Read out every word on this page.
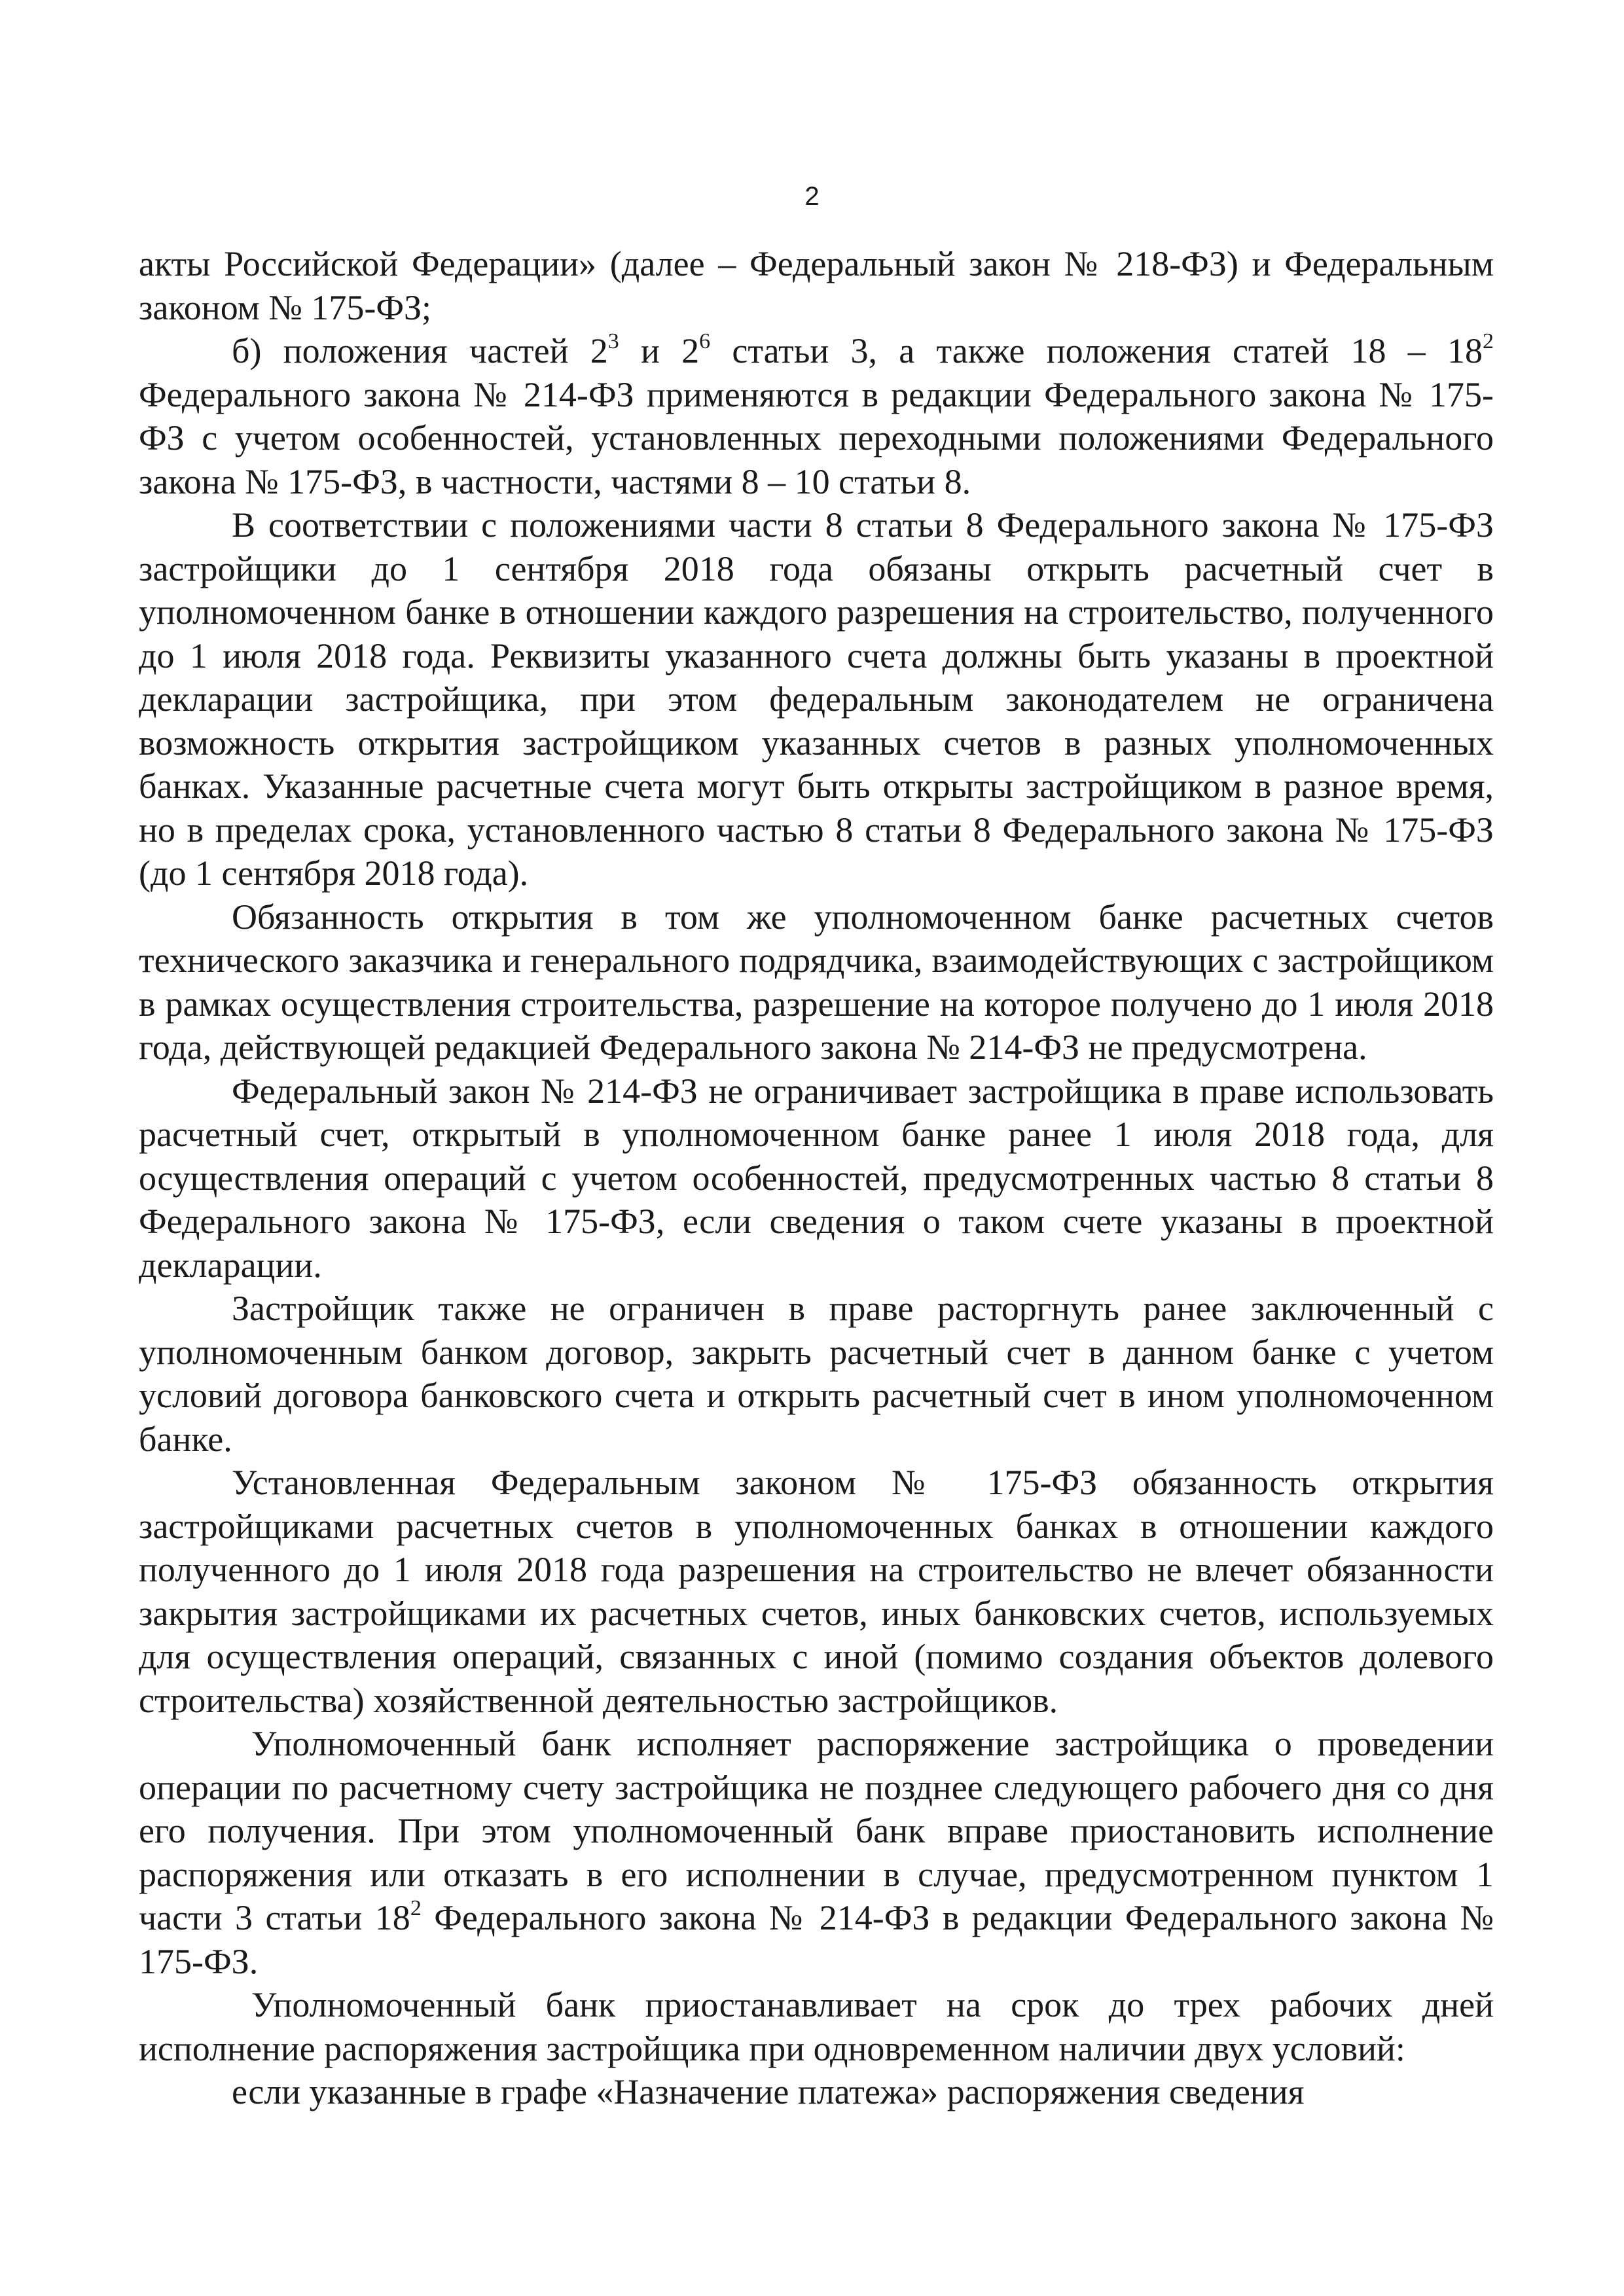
2

акты Российской Федерации» (далее – Федеральный закон № 218-ФЗ) и Федеральным законом № 175-ФЗ;

б) положения частей $2^3$ и $2^6$ статьи 3, а также положения статей $18 - 18^2$ Федерального закона № 214-ФЗ применяются в редакции Федерального закона № 175-ФЗ с учетом особенностей, установленных переходными положениями Федерального закона № 175-ФЗ, в частности, частями 8 – 10 статьи 8.

В соответствии с положениями части 8 статьи 8 Федерального закона № 175-ФЗ застройщики до 1 сентября 2018 года обязаны открыть расчетный счет в уполномоченном банке в отношении каждого разрешения на строительство, полученного до 1 июля 2018 года. Реквизиты указанного счета должны быть указаны в проектной декларации застройщика, при этом федеральным законодателем не ограничена возможность открытия застройщиком указанных счетов в разных уполномоченных банках. Указанные расчетные счета могут быть открыты застройщиком в разное время, но в пределах срока, установленного частью 8 статьи 8 Федерального закона № 175-ФЗ (до 1 сентября 2018 года).

Обязанность открытия в том же уполномоченном банке расчетных счетов технического заказчика и генерального подрядчика, взаимодействующих с застройщиком в рамках осуществления строительства, разрешение на которое получено до 1 июля 2018 года, действующей редакцией Федерального закона № 214-ФЗ не предусмотрена.

Федеральный закон № 214-ФЗ не ограничивает застройщика в праве использовать расчетный счет, открытый в уполномоченном банке ранее 1 июля 2018 года, для осуществления операций с учетом особенностей, предусмотренных частью 8 статьи 8 Федерального закона № 175-ФЗ, если сведения о таком счете указаны в проектной декларации.

Застройщик также не ограничен в праве расторгнуть ранее заключенный с уполномоченным банком договор, закрыть расчетный счет в данном банке с учетом условий договора банковского счета и открыть расчетный счет в ином уполномоченном банке.

Установленная Федеральным законом № 175-ФЗ обязанность открытия застройщиками расчетных счетов в уполномоченных банках в отношении каждого полученного до 1 июля 2018 года разрешения на строительство не влечет обязанности закрытия застройщиками их расчетных счетов, иных банковских счетов, используемых для осуществления операций, связанных с иной (помимо создания объектов долевого строительства) хозяйственной деятельностью застройщиков.

Уполномоченный банк исполняет распоряжение застройщика о проведении операции по расчетному счету застройщика не позднее следующего рабочего дня со дня его получения. При этом уполномоченный банк вправе приостановить исполнение распоряжения или отказать в его исполнении в случае, предусмотренном пунктом 1 части 3 статьи $18^2$ Федерального закона № 214-ФЗ в редакции Федерального закона № 175-ФЗ.

Уполномоченный банк приостанавливает на срок до трех рабочих дней исполнение распоряжения застройщика при одновременном наличии двух условий:

если указанные в графе «Назначение платежа» распоряжения сведения
